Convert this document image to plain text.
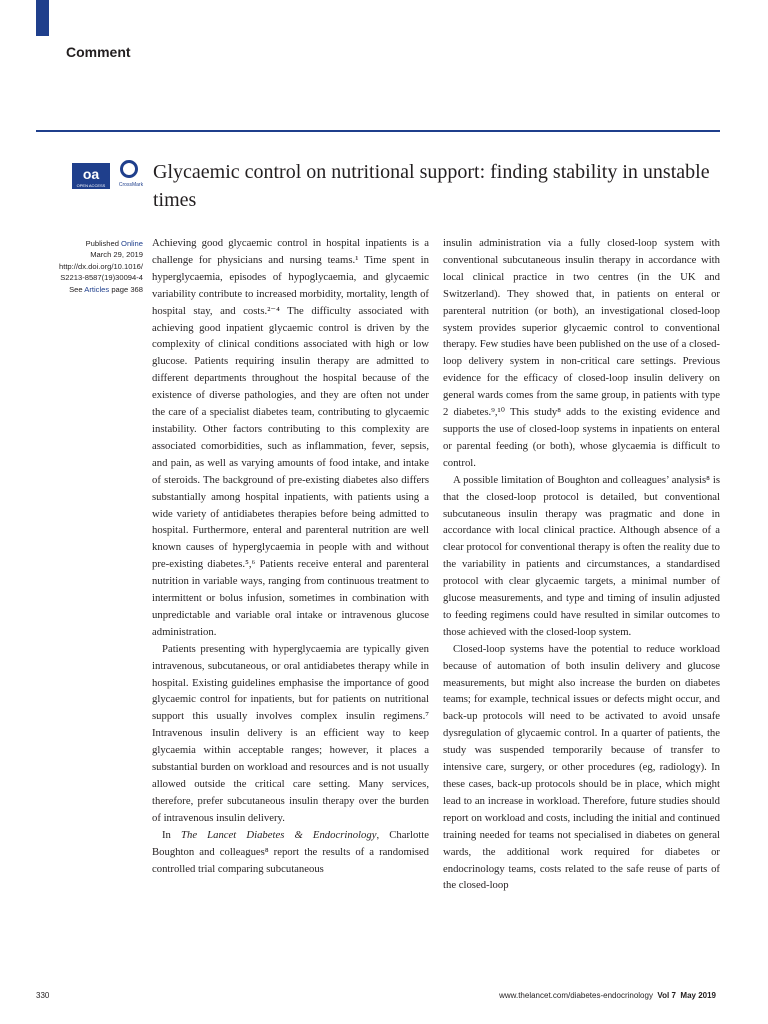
Comment
oa
OPEN ACCESS	CrossMark
Glycaemic control on nutritional support: finding stability in unstable times
Published Online
March 29, 2019
http://dx.doi.org/10.1016/
S2213-8587(19)30094-4
See Articles page 368

Achieving good glycaemic control in hospital inpatients is a challenge for physicians and nursing teams.¹ Time spent in hyperglycaemia, episodes of hypoglycaemia, and glycaemic variability contribute to increased morbidity, mortality, length of hospital stay, and costs.²⁻⁴ The difficulty associated with achieving good inpatient glycaemic control is driven by the complexity of clinical conditions associated with high or low glucose. Patients requiring insulin therapy are admitted to different departments throughout the hospital because of the existence of diverse pathologies, and they are often not under the care of a specialist diabetes team, contributing to glycaemic instability. Other factors contributing to this complexity are associated comorbidities, such as inflammation, fever, sepsis, and pain, as well as varying amounts of food intake, and intake of steroids. The background of pre-existing diabetes also differs substantially among hospital inpatients, with patients using a wide variety of antidiabetes therapies before being admitted to hospital. Furthermore, enteral and parenteral nutrition are well known causes of hyperglycaemia in people with and without pre-existing diabetes.⁵,⁶ Patients receive enteral and parenteral nutrition in variable ways, ranging from continuous treatment to intermittent or bolus infusion, sometimes in combination with unpredictable and variable oral intake or intravenous glucose administration.

Patients presenting with hyperglycaemia are typically given intravenous, subcutaneous, or oral antidiabetes therapy while in hospital. Existing guidelines emphasise the importance of good glycaemic control for inpatients, but for patients on nutritional support this usually involves complex insulin regimens.⁷ Intravenous insulin delivery is an efficient way to keep glycaemia within acceptable ranges; however, it places a substantial burden on workload and resources and is not usually allowed outside the critical care setting. Many services, therefore, prefer subcutaneous insulin therapy over the burden of intravenous insulin delivery.

In The Lancet Diabetes & Endocrinology, Charlotte Boughton and colleagues⁸ report the results of a randomised controlled trial comparing subcutaneous

insulin administration via a fully closed-loop system with conventional subcutaneous insulin therapy in accordance with local clinical practice in two centres (in the UK and Switzerland). They showed that, in patients on enteral or parenteral nutrition (or both), an investigational closed-loop system provides superior glycaemic control to conventional therapy. Few studies have been published on the use of a closed-loop delivery system in non-critical care settings. Previous evidence for the efficacy of closed-loop insulin delivery on general wards comes from the same group, in patients with type 2 diabetes.⁹,¹⁰ This study⁸ adds to the existing evidence and supports the use of closed-loop systems in inpatients on enteral or parental feeding (or both), whose glycaemia is difficult to control.

A possible limitation of Boughton and colleagues’ analysis⁸ is that the closed-loop protocol is detailed, but conventional subcutaneous insulin therapy was pragmatic and done in accordance with local clinical practice. Although absence of a clear protocol for conventional therapy is often the reality due to the variability in patients and circumstances, a standardised protocol with clear glycaemic targets, a minimal number of glucose measurements, and type and timing of insulin adjusted to feeding regimens could have resulted in similar outcomes to those achieved with the closed-loop system.

Closed-loop systems have the potential to reduce workload because of automation of both insulin delivery and glucose measurements, but might also increase the burden on diabetes teams; for example, technical issues or defects might occur, and back-up protocols will need to be activated to avoid unsafe dysregulation of glycaemic control. In a quarter of patients, the study was suspended temporarily because of transfer to intensive care, surgery, or other procedures (eg, radiology). In these cases, back-up protocols should be in place, which might lead to an increase in workload. Therefore, future studies should report on workload and costs, including the initial and continued training needed for teams not specialised in diabetes on general wards, the additional work required for diabetes or endocrinology teams, costs related to the safe reuse of parts of the closed-loop

330	www.thelancet.com/diabetes-endocrinology Vol 7 May 2019
